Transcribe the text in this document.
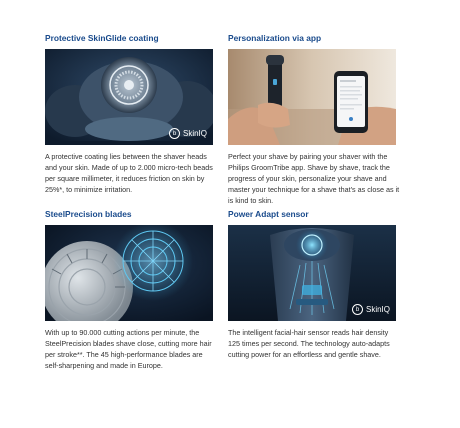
Protective SkinGlide coating
b SkinIQ
A protective coating lies between the shaver heads and your skin. Made of up to 2.000 micro-tech beads per square millimeter, it reduces friction on skin by 25%*, to minimize irritation.
Personalization via app
Perfect your shave by pairing your shaver with the Philips GroomTribe app. Shave by shave, track the progress of your skin, personalize your shave and master your technique for a shave that's as close as it is kind to skin.
SteelPrecision blades
With up to 90.000 cutting actions per minute, the SteelPrecision blades shave close, cutting more hair per stroke**. The 45 high-performance blades are self-sharpening and made in Europe.
Power Adapt sensor
b SkinIQ
The intelligent facial-hair sensor reads hair density 125 times per second. The technology auto-adapts cutting power for an effortless and gentle shave.
